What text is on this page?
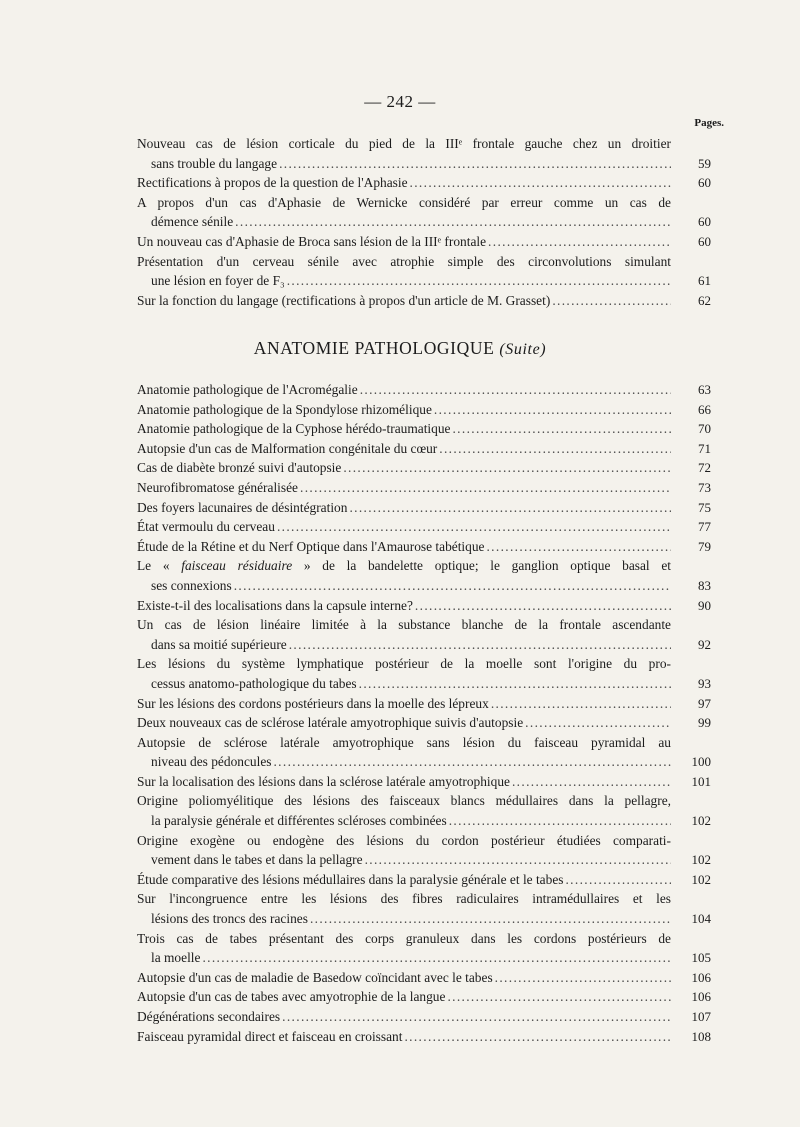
— 242 —
Pages.
Nouveau cas de lésion corticale du pied de la IIIᵉ frontale gauche chez un droitier
sans trouble du langage . . .	59
Rectifications à propos de la question de l'Aphasie . . .	60
A propos d'un cas d'Aphasie de Wernicke considéré par erreur comme un cas de
démence sénile . . .	60
Un nouveau cas d'Aphasie de Broca sans lésion de la IIIᵉ frontale . . .	60
Présentation d'un cerveau sénile avec atrophie simple des circonvolutions simulant
une lésion en foyer de F₃ . . .	61
Sur la fonction du langage (rectifications à propos d'un article de M. Grasset) . . .	62
ANATOMIE PATHOLOGIQUE (Suite)
Anatomie pathologique de l'Acromégalie . . .	63
Anatomie pathologique de la Spondylose rhizomélique . . .	66
Anatomie pathologique de la Cyphose hérédo-traumatique . . .	70
Autopsie d'un cas de Malformation congénitale du cœur . . .	71
Cas de diabète bronzé suivi d'autopsie . . .	72
Neurofibromatose généralisée . . .	73
Des foyers lacunaires de désintégration . . .	75
État vermoulu du cerveau . . .	77
Étude de la Rétine et du Nerf Optique dans l'Amaurose tabétique . . .	79
Le « faisceau résiduaire » de la bandelette optique; le ganglion optique basal et
ses connexions . . .	83
Existe-t-il des localisations dans la capsule interne? . . .	90
Un cas de lésion linéaire limitée à la substance blanche de la frontale ascendante
dans sa moitié supérieure . . .	92
Les lésions du système lymphatique postérieur de la moelle sont l'origine du pro-
cessus anatomo-pathologique du tabes . . .	93
Sur les lésions des cordons postérieurs dans la moelle des lépreux . . .	97
Deux nouveaux cas de sclérose latérale amyotrophique suivis d'autopsie . . .	99
Autopsie de sclérose latérale amyotrophique sans lésion du faisceau pyramidal au
niveau des pédoncules . . .	100
Sur la localisation des lésions dans la sclérose latérale amyotrophique . . .	101
Origine poliomyélitique des lésions des faisceaux blancs médullaires dans la pellagre,
la paralysie générale et différentes scléroses combinées . . .	102
Origine exogène ou endogène des lésions du cordon postérieur étudiées comparati-
vement dans le tabes et dans la pellagre . . .	102
Étude comparative des lésions médullaires dans la paralysie générale et le tabes . . .	102
Sur l'incongruence entre les lésions des fibres radiculaires intramédullaires et les
lésions des troncs des racines . . .	104
Trois cas de tabes présentant des corps granuleux dans les cordons postérieurs de
la moelle . . .	105
Autopsie d'un cas de maladie de Basedow coïncidant avec le tabes . . .	106
Autopsie d'un cas de tabes avec amyotrophie de la langue . . .	106
Dégénérations secondaires . . .	107
Faisceau pyramidal direct et faisceau en croissant . . .	108
